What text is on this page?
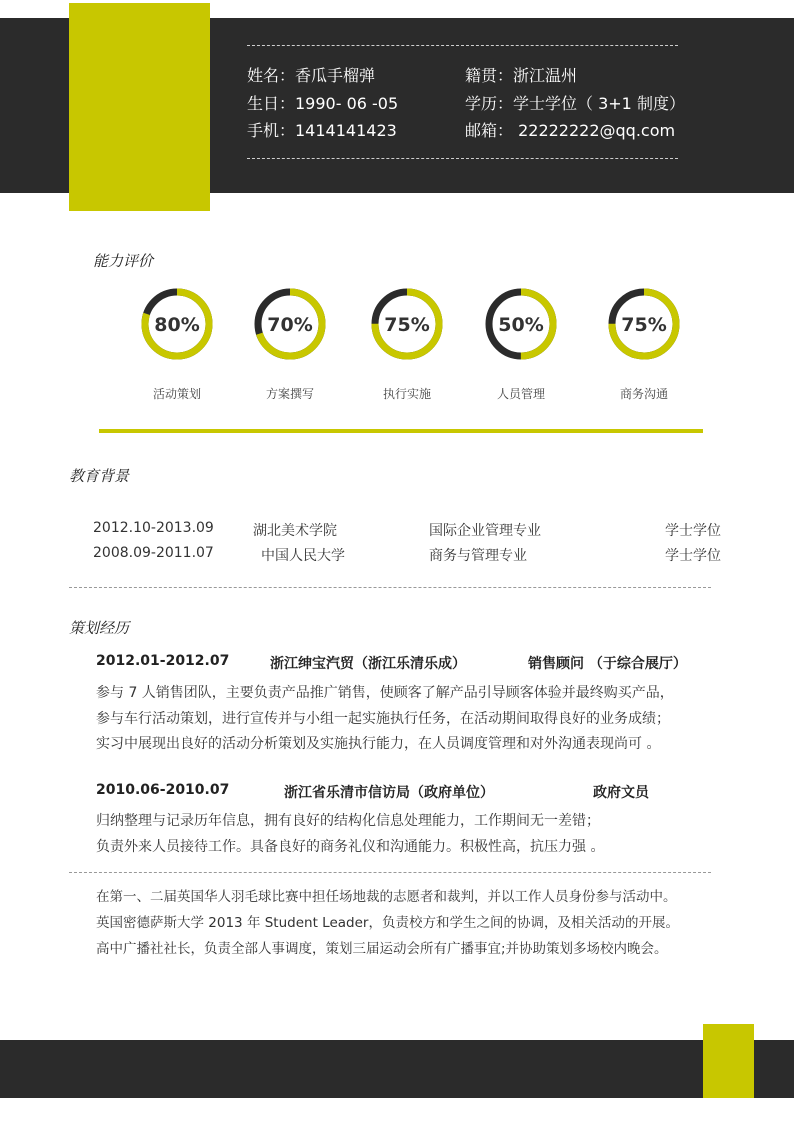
姓名：香瓜手榴弹	籍贯：浙江温州
生日：1990- 06 -05	学历：学士学位（ 3+1 制度）
手机：1414141423	邮箱： 22222222@qq.com
能力评价
80%
活动策划
70%
方案撰写
75%
执行实施
50%
人员管理
75%
商务沟通
教育背景
2012.10-2013.09	湖北美术学院	国际企业管理专业	学士学位
2008.09-2011.07	中国人民大学	商务与管理专业	学士学位
策划经历
2012.01-2012.07	浙江绅宝汽贸（浙江乐清乐成）	销售顾问 （于综合展厅）
参与 7 人销售团队，主要负责产品推广销售，使顾客了解产品引导顾客体验并最终购买产品，
参与车行活动策划，进行宣传并与小组一起实施执行任务，在活动期间取得良好的业务成绩；
实习中展现出良好的活动分析策划及实施执行能力，在人员调度管理和对外沟通表现尚可 。
2010.06-2010.07	浙江省乐清市信访局（政府单位）	政府文员
归纳整理与记录历年信息，拥有良好的结构化信息处理能力，工作期间无一差错；
负责外来人员接待工作。具备良好的商务礼仪和沟通能力。积极性高，抗压力强 。
在第一、二届英国华人羽毛球比赛中担任场地裁的志愿者和裁判，并以工作人员身份参与活动中。
英国密德萨斯大学 2013 年 Student Leader，负责校方和学生之间的协调，及相关活动的开展。
高中广播社社长，负责全部人事调度，策划三届运动会所有广播事宜;并协助策划多场校内晚会。
